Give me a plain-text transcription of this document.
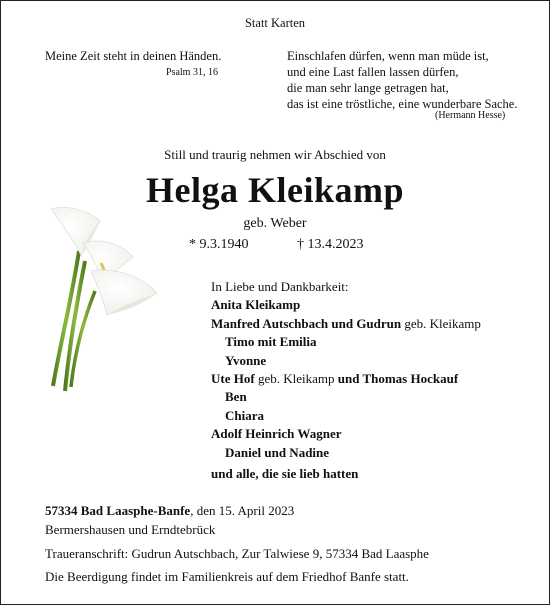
Statt Karten
Meine Zeit steht in deinen Händen.
Psalm 31, 16
Einschlafen dürfen, wenn man müde ist,
und eine Last fallen lassen dürfen,
die man sehr lange getragen hat,
das ist eine tröstliche, eine wunderbare Sache.
(Hermann Hesse)
Still und traurig nehmen wir Abschied von
Helga Kleikamp
geb. Weber
* 9.3.1940	† 13.4.2023
In Liebe und Dankbarkeit:
Anita Kleikamp
Manfred Autschbach und Gudrun geb. Kleikamp
Timo mit Emilia
Yvonne
Ute Hof geb. Kleikamp und Thomas Hockauf
Ben
Chiara
Adolf Heinrich Wagner
Daniel und Nadine
und alle, die sie lieb hatten
57334 Bad Laasphe-Banfe, den 15. April 2023
Bermershausen und Erndtebrück
Traueranschrift: Gudrun Autschbach, Zur Talwiese 9, 57334 Bad Laasphe
Die Beerdigung findet im Familienkreis auf dem Friedhof Banfe statt.
